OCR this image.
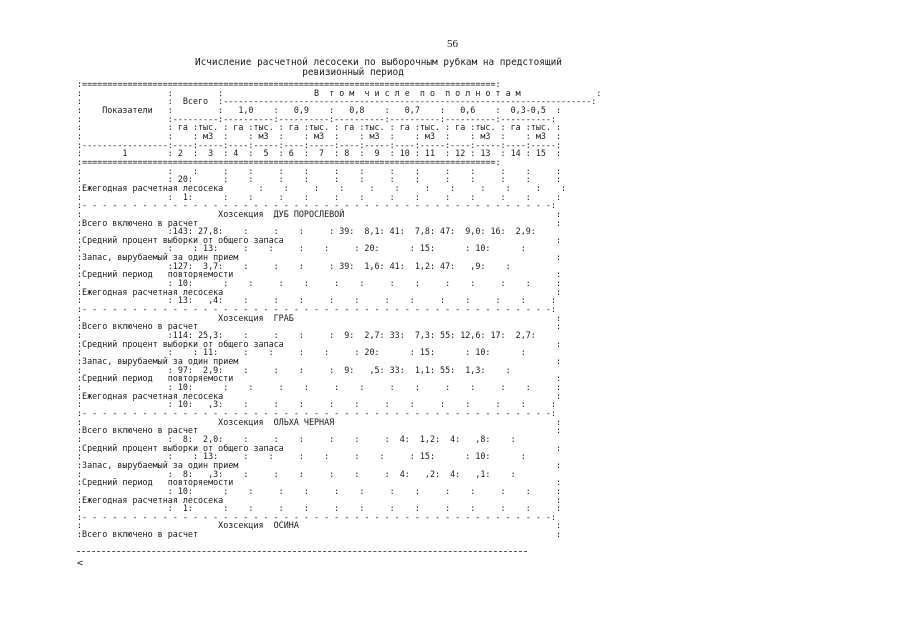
56
Исчисление расчетной лесосеки по выборочным рубкам на предстоящий
ревизионный период
:==================================================================================:
:                 :         :                  В  т о м  ч и с л е  п о  п о л н о т а м               :
:                 :  Всего  :-------------------------------------------------------------------------:
:    Показатели   :         :   1,0    :   0,9    :   0,8    :   0,7    :   0,6    :  0,3-0,5  :
:                 :---------:----------:----------:----------:----------:----------:----------:
:                 : га :тыс. : га :тыс. : га :тыс. : га :тыс. : га :тыс. : га :тыс. : га :тыс. :
:                 :    : м3  :    : м3  :    : м3  :    : м3  :    : м3  :    : м3  :    : м3  :
:-----------------:----:-----:----:-----:----:-----:----:-----:----:-----:----:-----:----:-----:
:        1        : 2  :  3  : 4  :  5  : 6  :  7  : 8  :  9  : 10 : 11  : 12 : 13  : 14 : 15  :
:==================================================================================:
:                 :    :     :    :     :    :     :    :     :    :     :    :     :    :     :
:                 : 20:      :    :     :    :     :    :     :    :     :    :     :    :     :
:Ежегодная расчетная лесосека       :    :     :    :     :    :     :    :     :    :     :    :
:                 :  1:      :    :     :    :     :    :     :    :     :    :     :    :     :
:- - - - - - - - - - - - - - - - - - - - - - - - - - - - - - - - - - - - - - - - - - - - - - -:
:                           Хозсекция  ДУБ ПОРОСЛЕВОЙ                                          :
:Всего включено в расчет                                                                       :
:                 :143: 27,8:    :     :    :     : 39:  8,1: 41:  7,8: 47:  9,0: 16:  2,9:
:Средний процент выборки от общего запаса                                                      :
:                 :    : 13:     :    :     :    :     : 20:      : 15:      : 10:      :
:Запас, вырубаемый за один прием                                                               :
:                 :127:  3,7:    :     :    :     : 39:  1,6: 41:  1,2: 47:   ,9:    :
:Средний период   повторяемости                                                                :
:                 : 10:      :    :     :    :     :    :     :    :     :    :     :    :     :
:Ежегодная расчетная лесосека                                                                  :
:                 : 13:   ,4:    :     :    :     :    :     :    :     :    :     :    :     :
:- - - - - - - - - - - - - - - - - - - - - - - - - - - - - - - - - - - - - - - - - - - - - - -:
:                           Хозсекция  ГРАБ                                                    :
:Всего включено в расчет                                                                       :
:                 :114: 25,3:    :     :    :     :  9:  2,7: 33:  7,3: 55: 12,6: 17:  2,7:
:Средний процент выборки от общего запаса                                                      :
:                 :    : 11:     :    :     :    :     : 20:      : 15:      : 10:      :
:Запас, вырубаемый за один прием                                                               :
:                 : 97:  2,9:    :     :    :     :  9:   ,5: 33:  1,1: 55:  1,3:    :
:Средний период   повторяемости                                                                :
:                 : 10:      :    :     :    :     :    :     :    :     :    :     :    :     :
:Ежегодная расчетная лесосека                                                                  :
:                 : 10:   ,3:    :     :    :     :    :     :    :     :    :     :    :     :
:- - - - - - - - - - - - - - - - - - - - - - - - - - - - - - - - - - - - - - - - - - - - - - -:
:                           Хозсекция  ОЛЬХА ЧЕРНАЯ                                            :
:Всего включено в расчет                                                                       :
:                 :  8:  2,0:    :     :    :     :    :     :  4:  1,2:  4:   ,8:    :
:Средний процент выборки от общего запаса                                                      :
:                 :    : 13:     :    :     :    :     :    :     : 15:      : 10:      :
:Запас, вырубаемый за один прием                                                               :
:                 :  8:   ,3:    :     :    :     :    :     :  4:   ,2:  4:   ,1:    :
:Средний период   повторяемости                                                                :
:                 : 10:      :    :     :    :     :    :     :    :     :    :     :    :     :
:Ежегодная расчетная лесосека                                                                  :
:                 :  1:      :    :     :    :     :    :     :    :     :    :     :    :     :
:- - - - - - - - - - - - - - - - - - - - - - - - - - - - - - - - - - - - - - - - - - - - - - -:
:                           Хозсекция  ОСИНА                                                   :
:Всего включено в расчет                                                                       :
<
